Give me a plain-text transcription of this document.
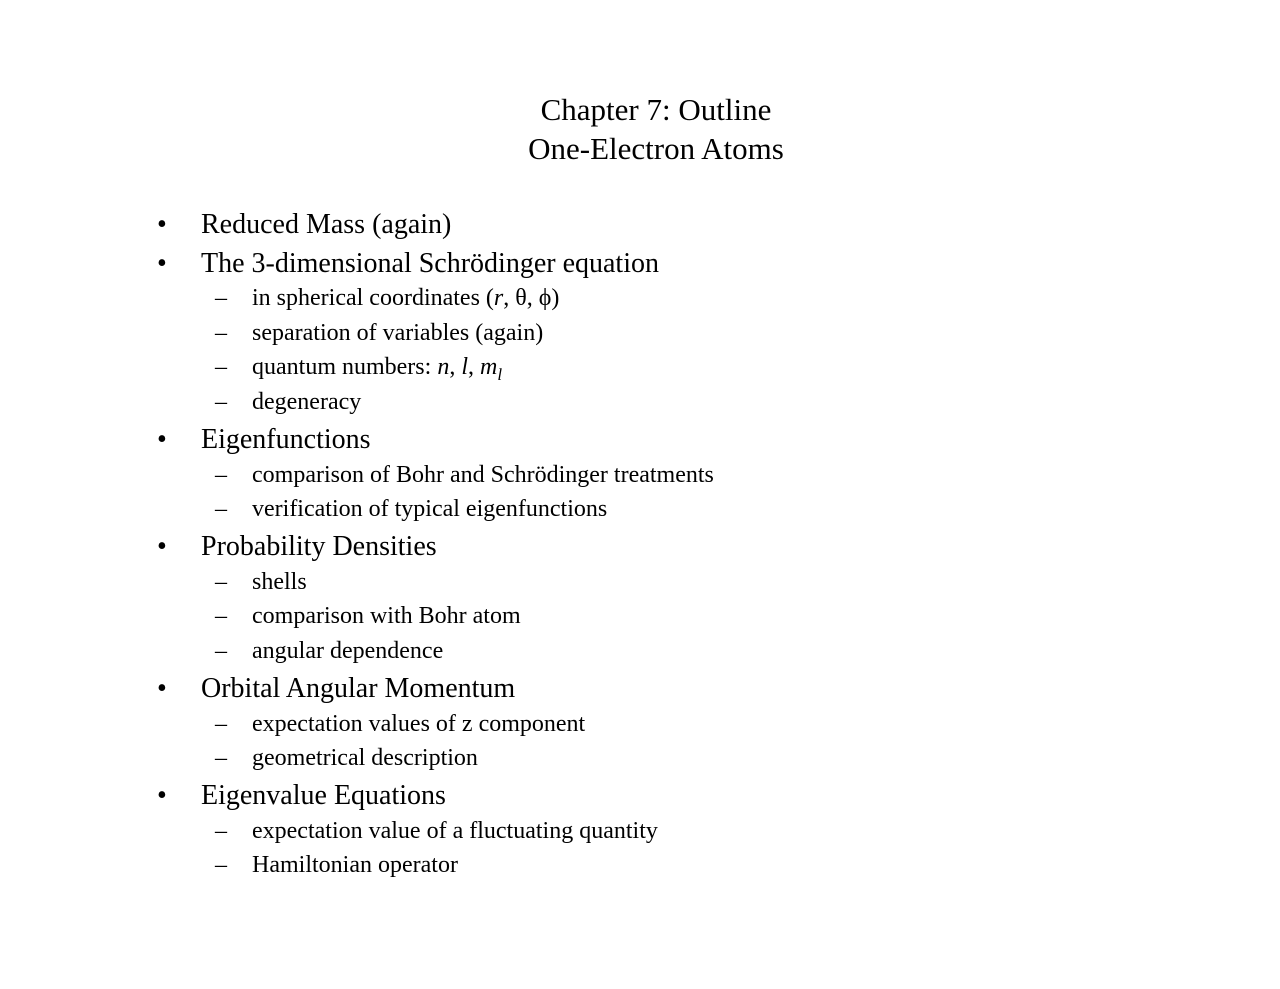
Chapter 7: Outline
One-Electron Atoms
• Reduced Mass (again)
• The 3-dimensional Schrödinger equation
– in spherical coordinates (r, θ, ϕ)
– separation of variables (again)
– quantum numbers: n, l, $m_l$
– degeneracy
• Eigenfunctions
– comparison of Bohr and Schrödinger treatments
– verification of typical eigenfunctions
• Probability Densities
– shells
– comparison with Bohr atom
– angular dependence
• Orbital Angular Momentum
– expectation values of z component
– geometrical description
• Eigenvalue Equations
– expectation value of a fluctuating quantity
– Hamiltonian operator
